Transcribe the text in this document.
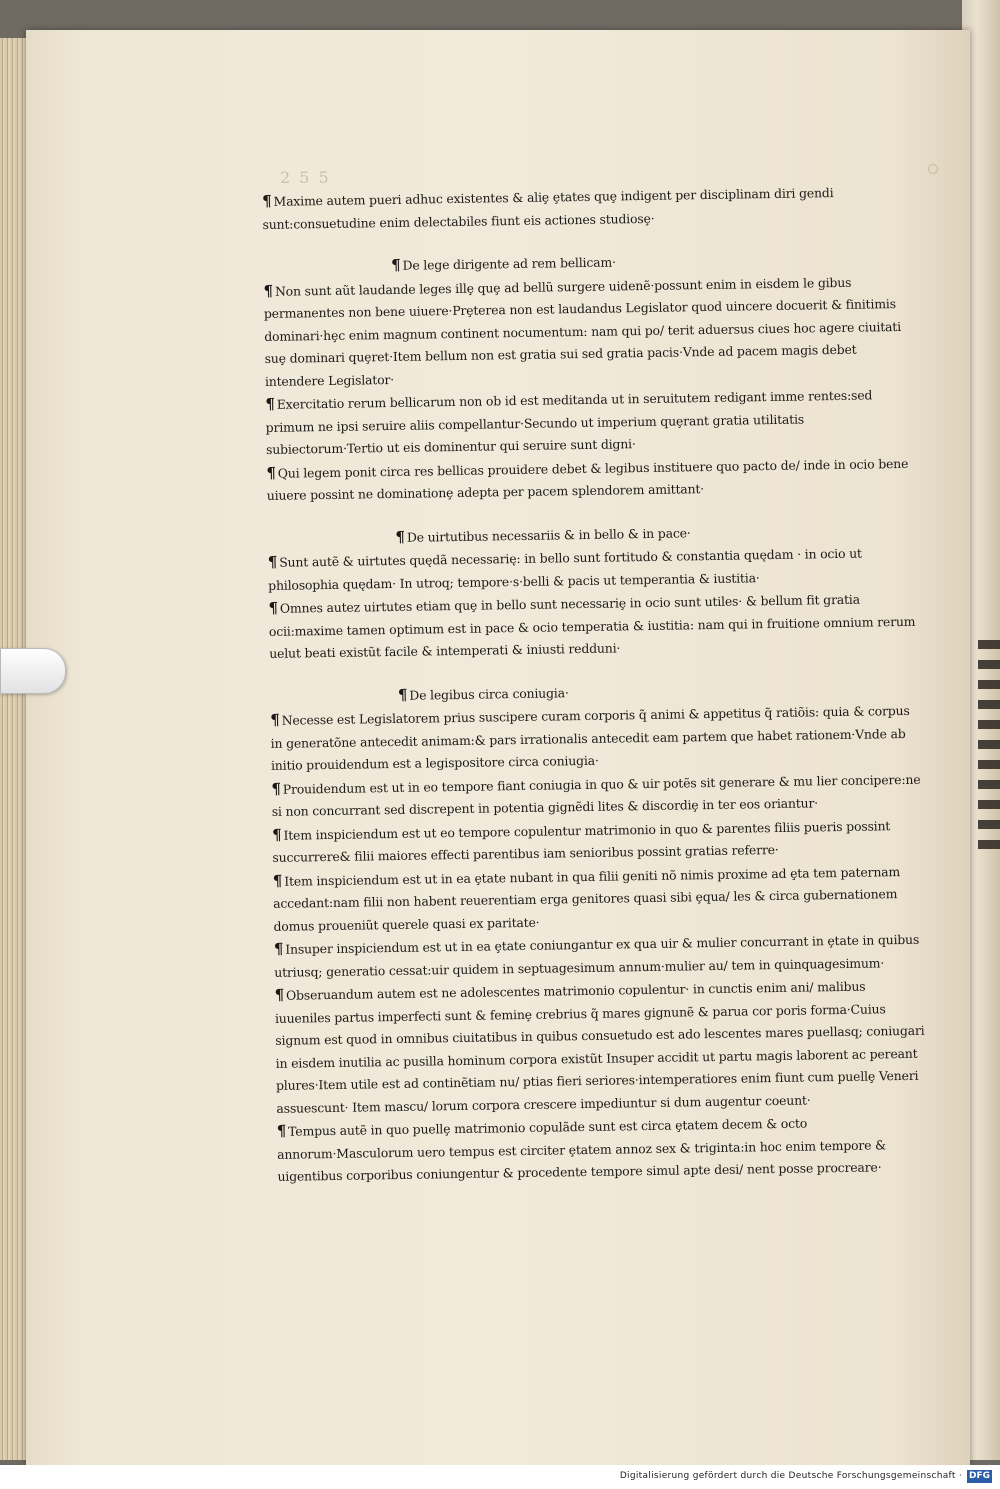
2 5 5

¶ Maxime autem pueri adhuc existentes & aliȩ ȩtates quȩ indigent per disciplinam diri gendi sunt:consuetudine enim delectabiles fiunt eis actiones studiosȩ·

¶ De lege dirigente ad rem bellicam·

¶ Non sunt aũt laudande leges illȩ quȩ ad bellũ surgere uidenẽ·possunt enim in eisdem le gibus permanentes non bene uiuere·Prȩterea non est laudandus Legislator quod uincere docuerit & finitimis dominari·hȩc enim magnum continent nocumentum: nam qui po/ terit aduersus ciues hoc agere ciuitati suȩ dominari quȩret·Item bellum non est gratia sui sed gratia pacis·Vnde ad pacem magis debet intendere Legislator·

¶ Exercitatio rerum bellicarum non ob id est meditanda ut in seruitutem redigant imme rentes:sed primum ne ipsi seruire aliis compellantur·Secundo ut imperium quȩrant gratia utilitatis subiectorum·Tertio ut eis dominentur qui seruire sunt digni·

¶ Qui legem ponit circa res bellicas prouidere debet & legibus instituere quo pacto de/ inde in ocio bene uiuere possint ne dominationȩ adepta per pacem splendorem amittant·

¶ De uirtutibus necessariis & in bello & in pace·

¶ Sunt autẽ & uirtutes quędã necessarię: in bello sunt fortitudo & constantia quędam · in ocio ut philosophia quędam· In utroq; tempore·s·belli & pacis ut temperantia & iustitia·

¶ Omnes autez uirtutes etiam quȩ in bello sunt necessariȩ in ocio sunt utiles· & bellum fit gratia ocii:maxime tamen optimum est in pace & ocio temperatia & iustitia: nam qui in fruitione omnium rerum uelut beati existũt facile & intemperati & iniusti redduni·

¶ De legibus circa coniugia·

¶ Necesse est Legislatorem prius suscipere curam corporis q̃ animi & appetitus q̃ ratiõis: quia & corpus in generatõne antecedit animam:& pars irrationalis antecedit eam partem que habet rationem·Vnde ab initio prouidendum est a legispositore circa coniugia·

¶ Prouidendum est ut in eo tempore fiant coniugia in quo & uir potẽs sit generare & mu lier concipere:ne si non concurrant sed discrepent in potentia gignẽdi lites & discordiȩ in ter eos oriantur·

¶ Item inspiciendum est ut eo tempore copulentur matrimonio in quo & parentes filiis pueris possint succurrere& filii maiores effecti parentibus iam senioribus possint gratias referre·

¶ Item inspiciendum est ut in ea ȩtate nubant in qua filii geniti nõ nimis proxime ad ȩta tem paternam accedant:nam filii non habent reuerentiam erga genitores quasi sibi ȩqua/ les & circa gubernationem domus proueniũt querele quasi ex paritate·

¶ Insuper inspiciendum est ut in ea ȩtate coniungantur ex qua uir & mulier concurrant in ȩtate in quibus utriusq; generatio cessat:uir quidem in septuagesimum annum·mulier au/ tem in quinquagesimum·

¶ Obseruandum autem est ne adolescentes matrimonio copulentur· in cunctis enim ani/ malibus iuueniles partus imperfecti sunt & feminȩ crebrius q̃ mares gignunẽ & parua cor poris forma·Cuius signum est quod in omnibus ciuitatibus in quibus consuetudo est ado lescentes mares puellasq; coniugari in eisdem inutilia ac pusilla hominum corpora existũt Insuper accidit ut partu magis laborent ac pereant plures·Item utile est ad continẽtiam nu/ ptias fieri seriores·intemperatiores enim fiunt cum puellȩ Veneri assuescunt· Item mascu/ lorum corpora crescere impediuntur si dum augentur coeunt·

¶ Tempus autẽ in quo puellȩ matrimonio copulãde sunt est circa ȩtatem decem & octo annorum·Masculorum uero tempus est circiter ȩtatem annoz sex & triginta:in hoc enim tempore & uigentibus corporibus coniungentur & procedente tempore simul apte desi/ nent posse procreare·

Digitalisierung gefördert durch die Deutsche Forschungsgemeinschaft · DFG
